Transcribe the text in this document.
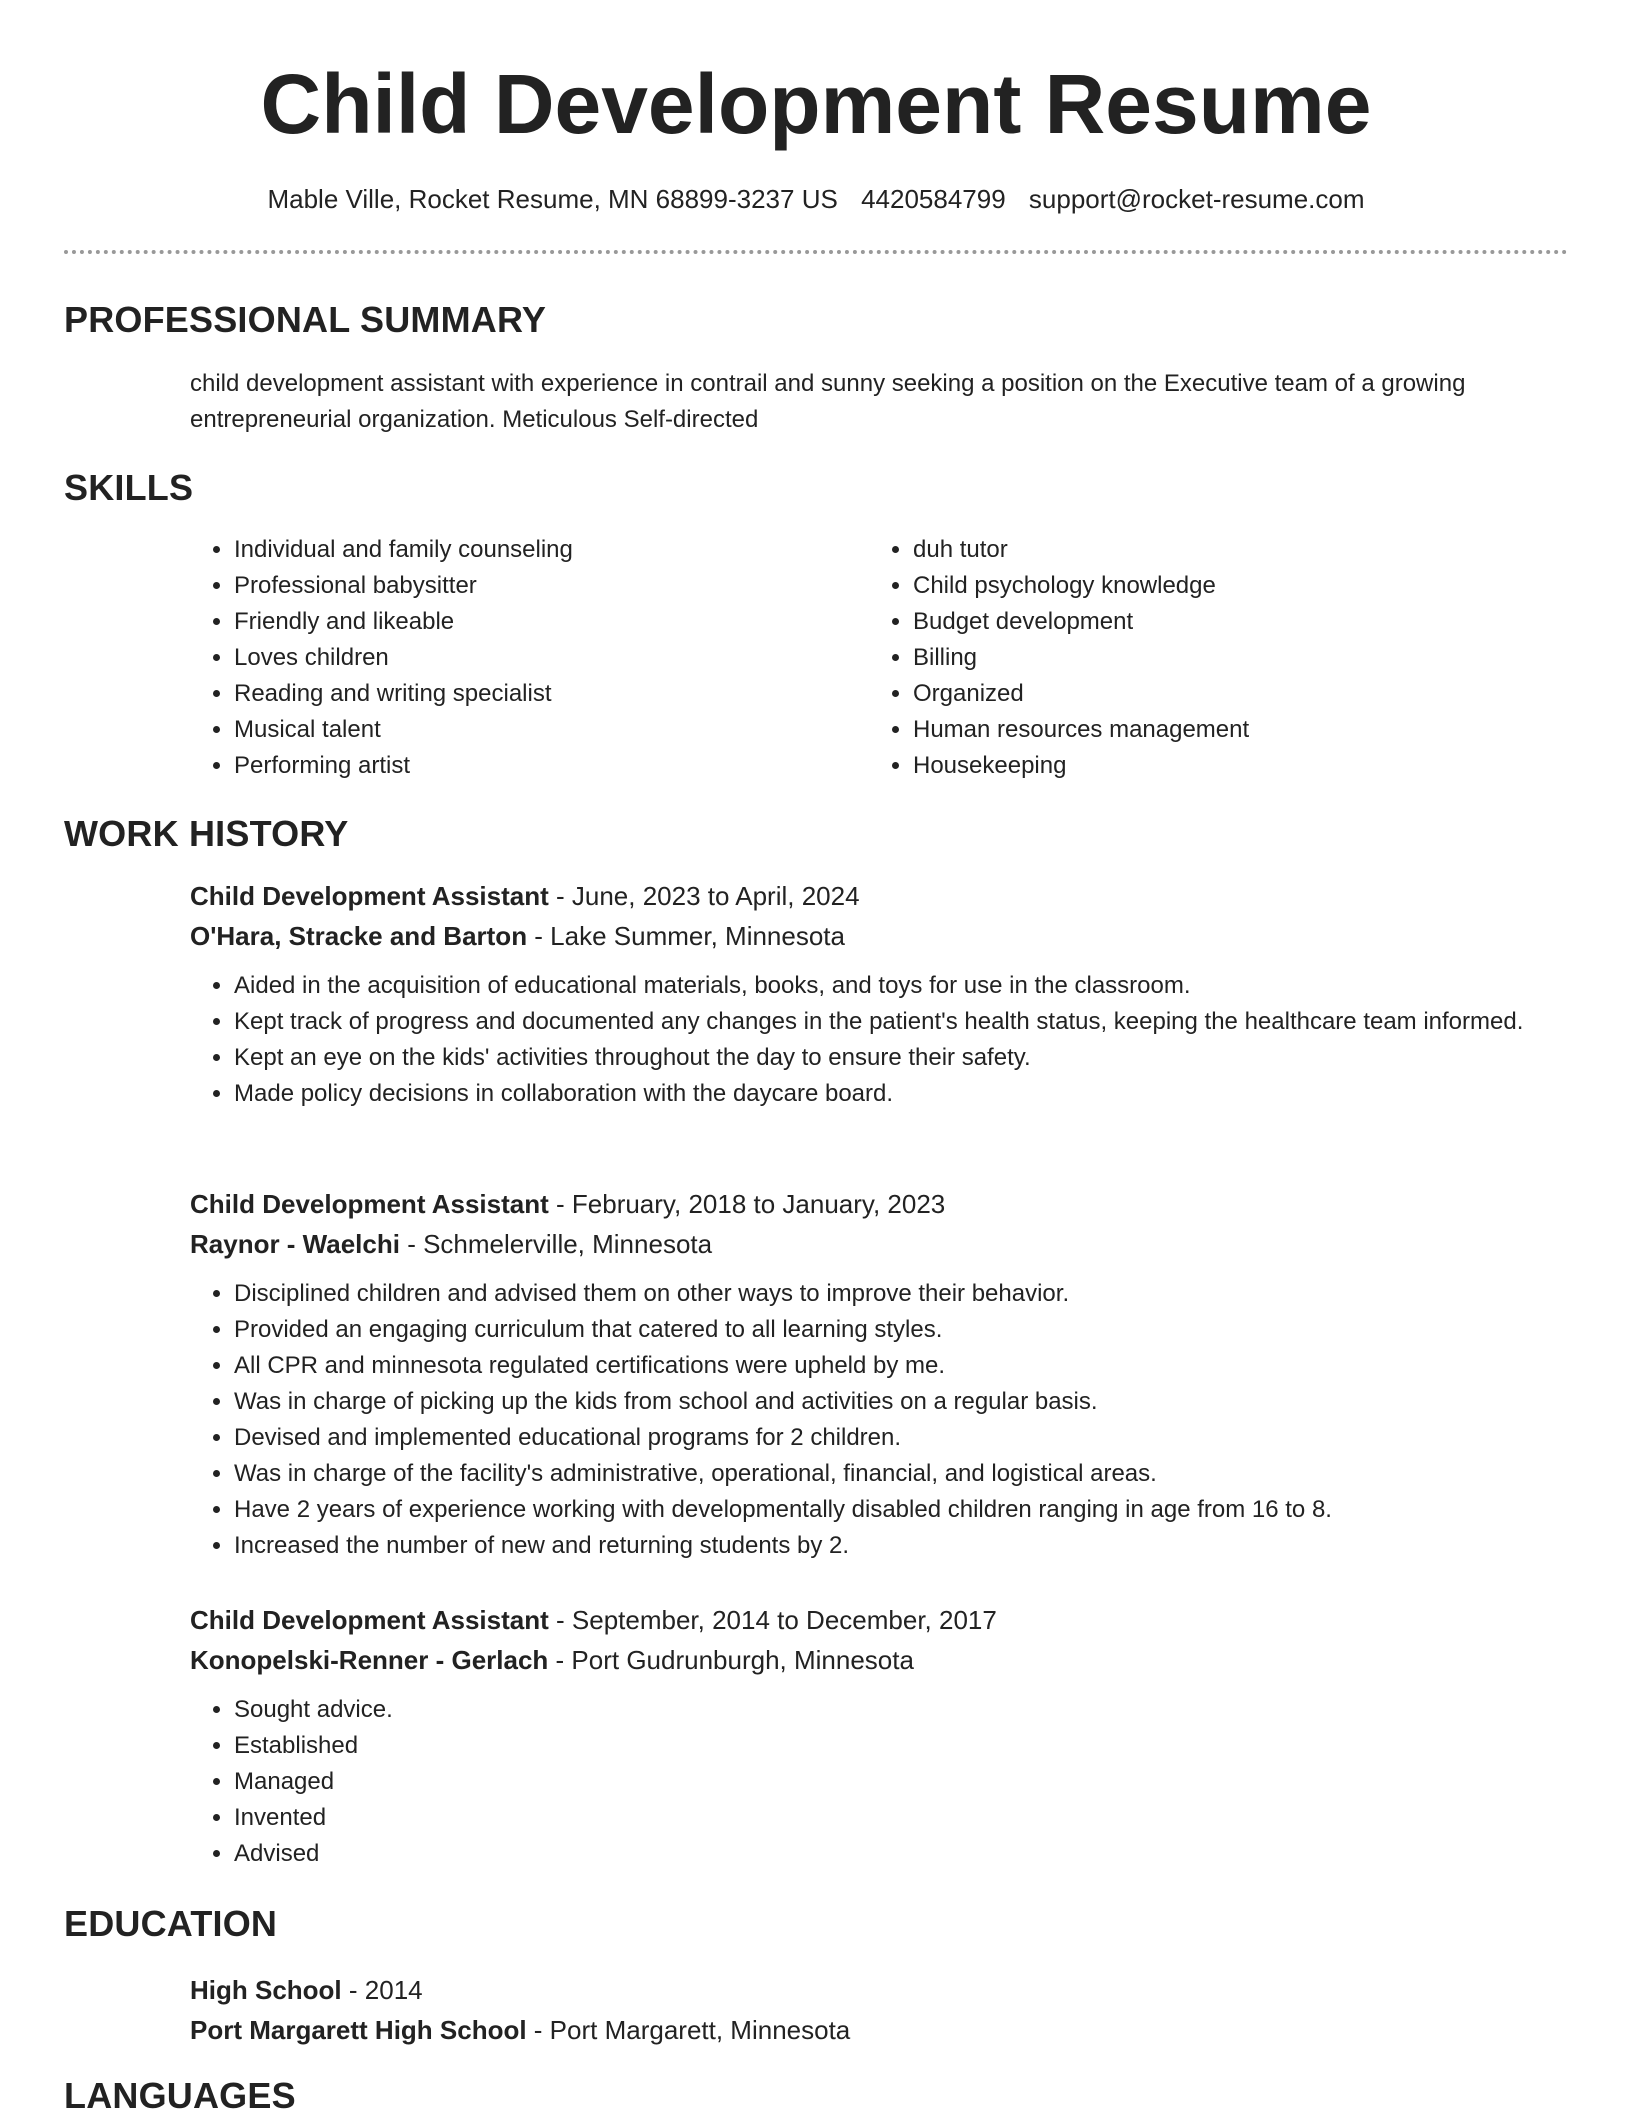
Child Development Resume
Mable Ville, Rocket Resume, MN 68899-3237 US 4420584799 support@rocket-resume.com
PROFESSIONAL SUMMARY
child development assistant with experience in contrail and sunny seeking a position on the Executive team of a growing entrepreneurial organization. Meticulous Self-directed
SKILLS
• Individual and family counseling
• Professional babysitter
• Friendly and likeable
• Loves children
• Reading and writing specialist
• Musical talent
• Performing artist
• duh tutor
• Child psychology knowledge
• Budget development
• Billing
• Organized
• Human resources management
• Housekeeping
WORK HISTORY
Child Development Assistant - June, 2023 to April, 2024
O'Hara, Stracke and Barton - Lake Summer, Minnesota
• Aided in the acquisition of educational materials, books, and toys for use in the classroom.
• Kept track of progress and documented any changes in the patient's health status, keeping the healthcare team informed.
• Kept an eye on the kids' activities throughout the day to ensure their safety.
• Made policy decisions in collaboration with the daycare board.
Child Development Assistant - February, 2018 to January, 2023
Raynor - Waelchi - Schmelerville, Minnesota
• Disciplined children and advised them on other ways to improve their behavior.
• Provided an engaging curriculum that catered to all learning styles.
• All CPR and minnesota regulated certifications were upheld by me.
• Was in charge of picking up the kids from school and activities on a regular basis.
• Devised and implemented educational programs for 2 children.
• Was in charge of the facility's administrative, operational, financial, and logistical areas.
• Have 2 years of experience working with developmentally disabled children ranging in age from 16 to 8.
• Increased the number of new and returning students by 2.
Child Development Assistant - September, 2014 to December, 2017
Konopelski-Renner - Gerlach - Port Gudrunburgh, Minnesota
• Sought advice.
• Established
• Managed
• Invented
• Advised
EDUCATION
High School - 2014
Port Margarett High School - Port Margarett, Minnesota
LANGUAGES
